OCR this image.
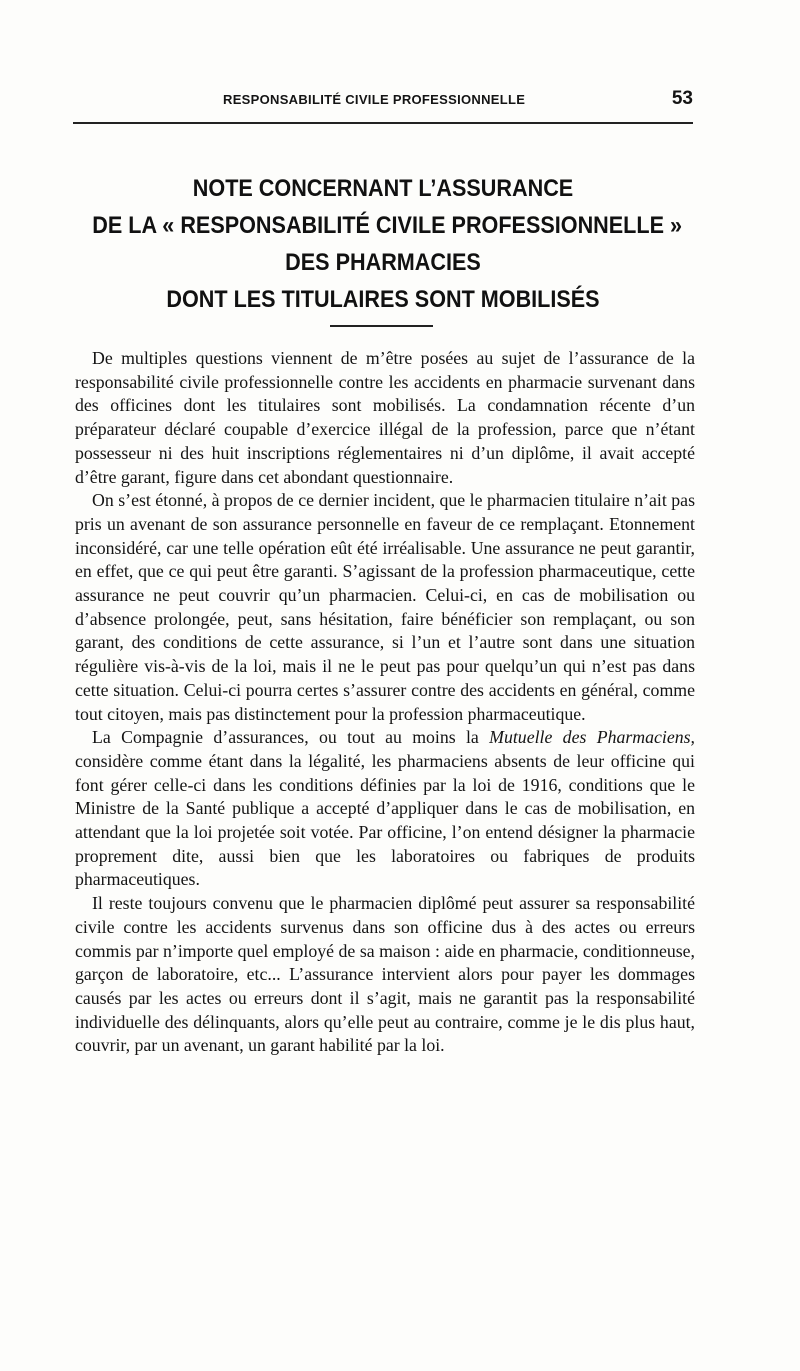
RESPONSABILITÉ CIVILE PROFESSIONNELLE	53
NOTE CONCERNANT L’ASSURANCE
DE LA « RESPONSABILITÉ CIVILE PROFESSIONNELLE »
DES PHARMACIES
DONT LES TITULAIRES SONT MOBILISÉS

De multiples questions viennent de m’être posées au sujet de l’assurance de la responsabilité civile professionnelle contre les accidents en pharmacie survenant dans des officines dont les titulaires sont mobilisés. La condamnation récente d’un préparateur déclaré coupable d’exercice illégal de la profession, parce que n’étant possesseur ni des huit inscriptions réglementaires ni d’un diplôme, il avait accepté d’être garant, figure dans cet abondant questionnaire.

On s’est étonné, à propos de ce dernier incident, que le pharmacien titulaire n’ait pas pris un avenant de son assurance personnelle en faveur de ce remplaçant. Etonnement inconsidéré, car une telle opération eût été irréalisable. Une assurance ne peut garantir, en effet, que ce qui peut être garanti. S’agissant de la profession pharmaceutique, cette assurance ne peut couvrir qu’un pharmacien. Celui-ci, en cas de mobilisation ou d’absence prolongée, peut, sans hésitation, faire bénéficier son remplaçant, ou son garant, des conditions de cette assurance, si l’un et l’autre sont dans une situation régulière vis-à-vis de la loi, mais il ne le peut pas pour quelqu’un qui n’est pas dans cette situation. Celui-ci pourra certes s’assurer contre des accidents en général, comme tout citoyen, mais pas distinctement pour la profession pharmaceutique.

La Compagnie d’assurances, ou tout au moins la Mutuelle des Pharmaciens, considère comme étant dans la légalité, les pharmaciens absents de leur officine qui font gérer celle-ci dans les conditions définies par la loi de 1916, conditions que le Ministre de la Santé publique a accepté d’appliquer dans le cas de mobilisation, en attendant que la loi projetée soit votée. Par officine, l’on entend désigner la pharmacie proprement dite, aussi bien que les laboratoires ou fabriques de produits pharmaceutiques.

Il reste toujours convenu que le pharmacien diplômé peut assurer sa responsabilité civile contre les accidents survenus dans son officine dus à des actes ou erreurs commis par n’importe quel employé de sa maison : aide en pharmacie, conditionneuse, garçon de laboratoire, etc... L’assurance intervient alors pour payer les dommages causés par les actes ou erreurs dont il s’agit, mais ne garantit pas la responsabilité individuelle des délinquants, alors qu’elle peut au contraire, comme je le dis plus haut, couvrir, par un avenant, un garant habilité par la loi.
